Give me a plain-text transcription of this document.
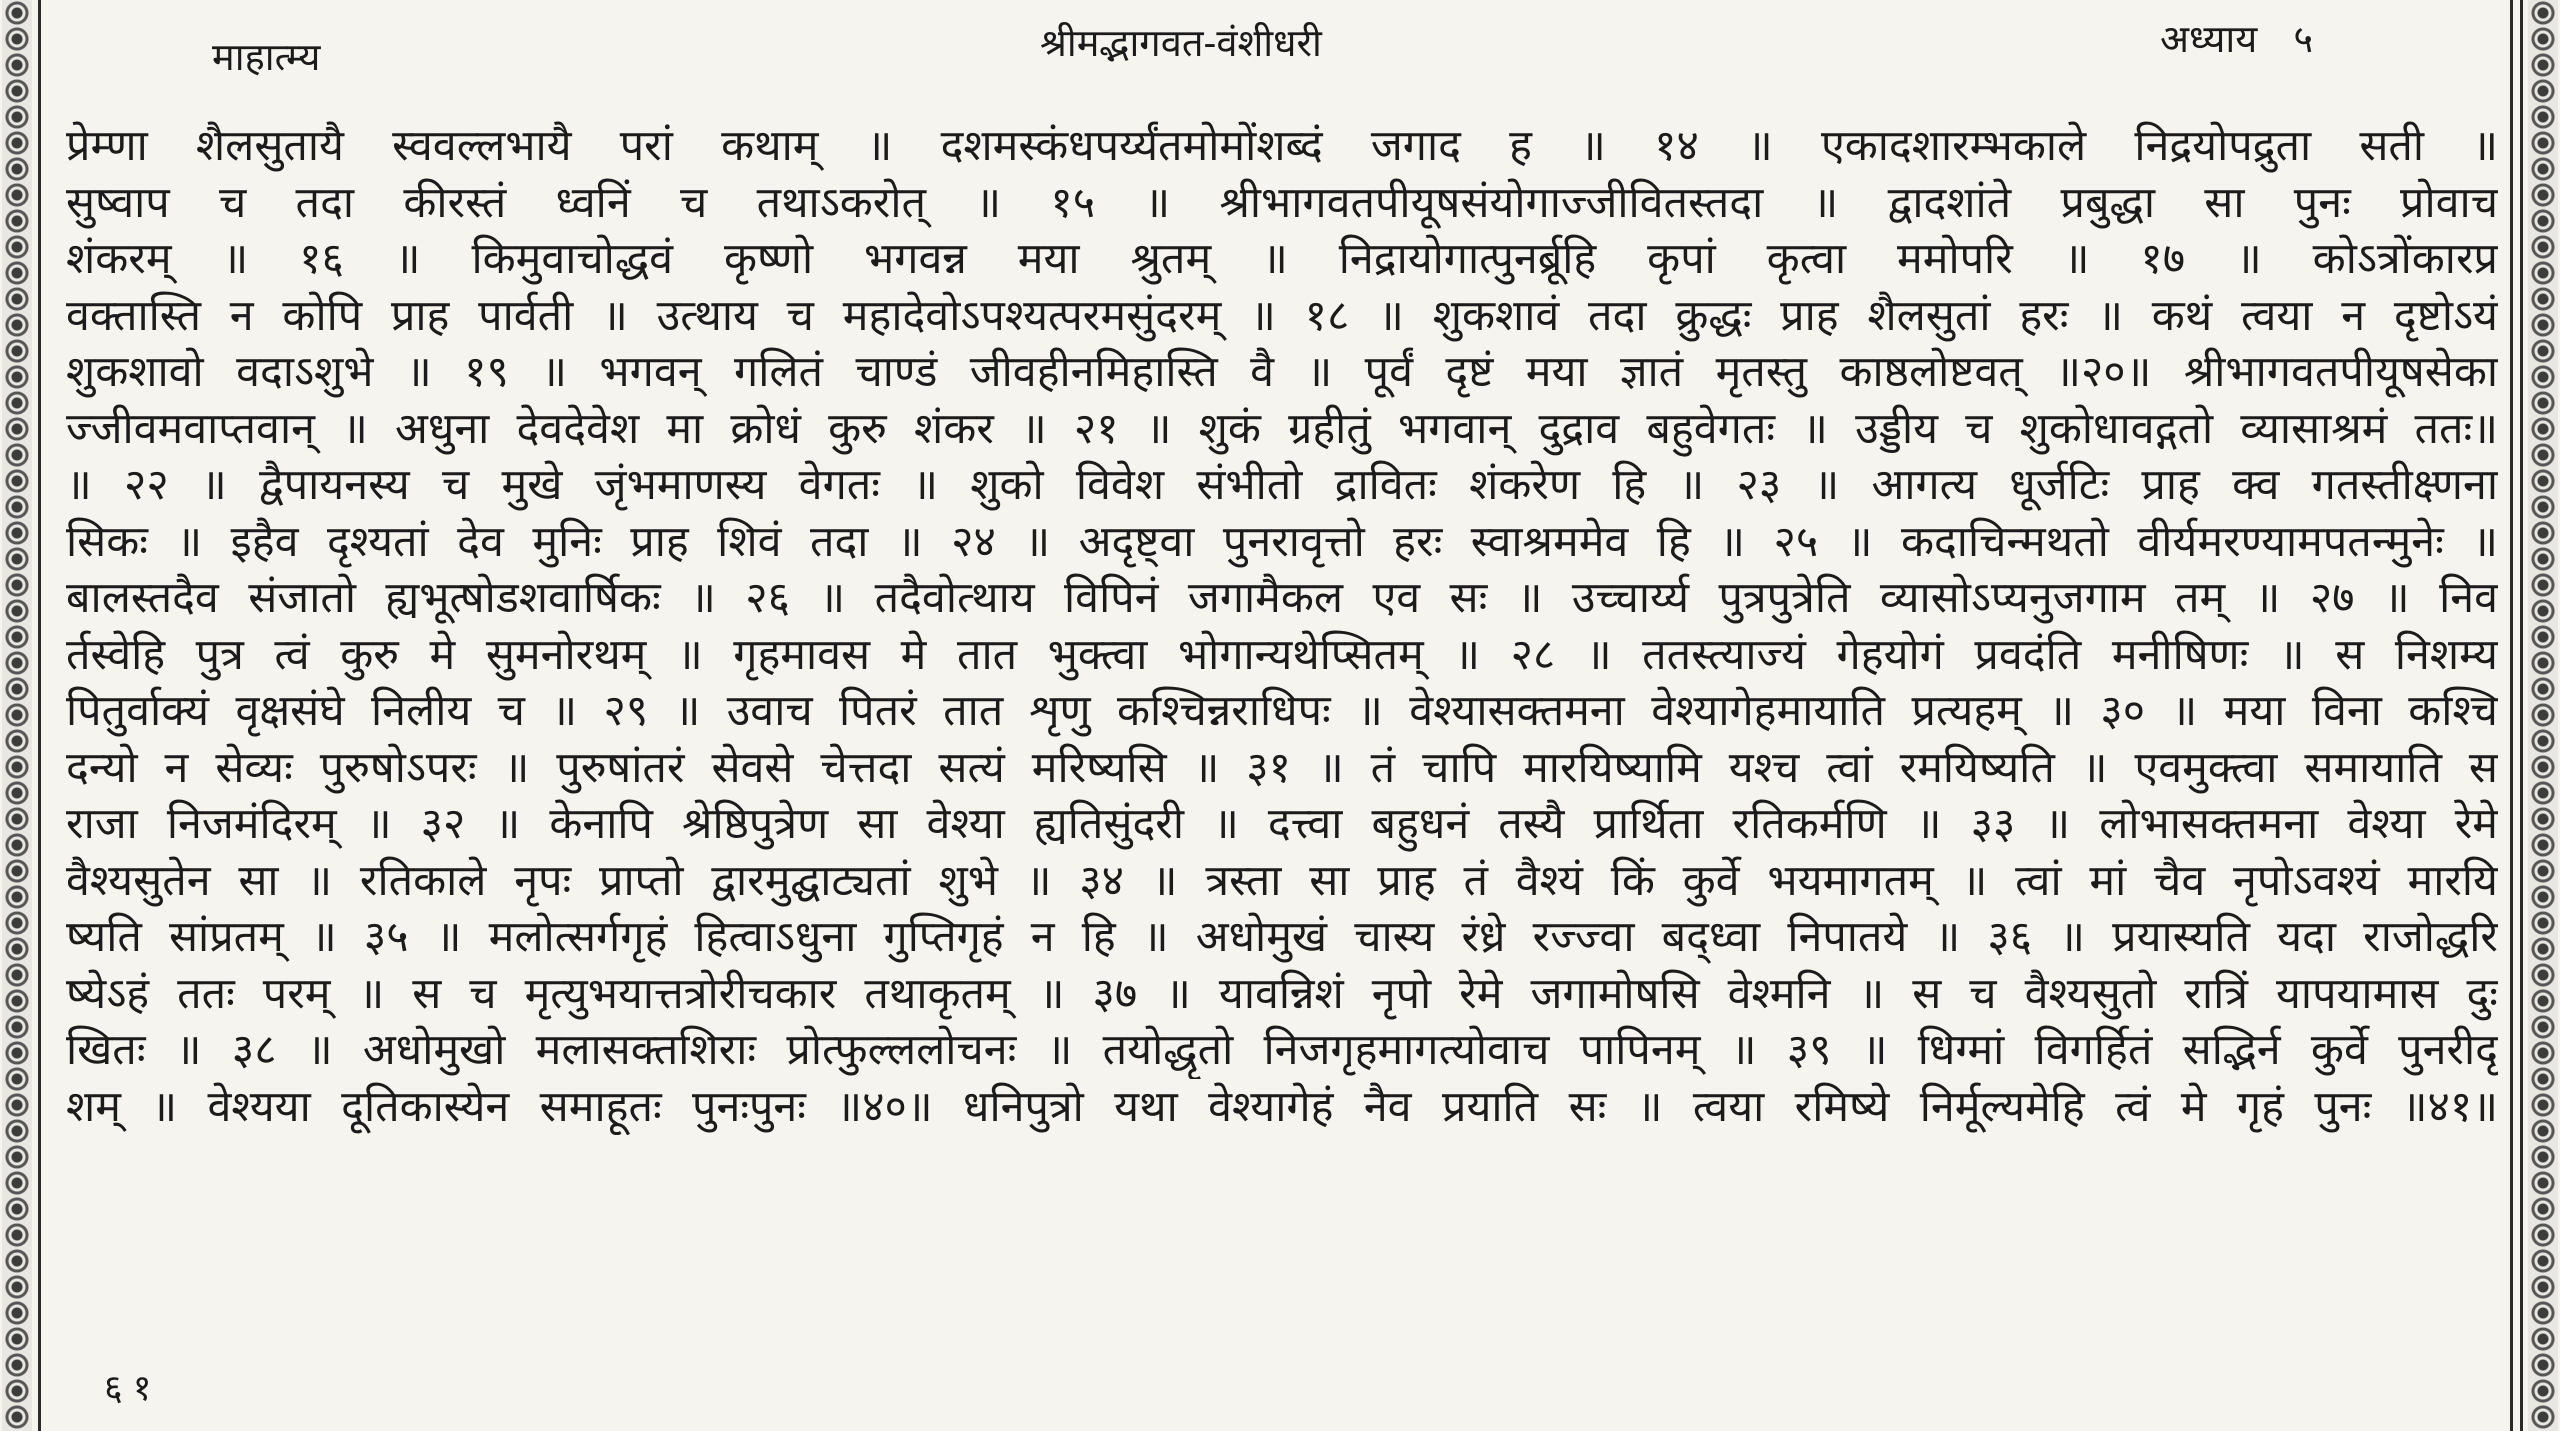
माहात्म्य	श्रीमद्भागवत-वंशीधरी	अध्याय ५
प्रेम्णा शैलसुतायै स्ववल्लभायै परां कथाम् ॥ दशमस्कंधपर्य्यंतमोमोंशब्दं जगाद ह ॥ १४ ॥ एकादशारम्भकाले निद्रयोपद्रुता सती ॥
सुष्वाप च तदा कीरस्तं ध्वनिं च तथाऽकरोत् ॥ १५ ॥ श्रीभागवतपीयूषसंयोगाज्जीवितस्तदा ॥ द्वादशांते प्रबुद्धा सा पुनः प्रोवाच
शंकरम् ॥ १६ ॥ किमुवाचोद्धवं कृष्णो भगवन्न मया श्रुतम् ॥ निद्रायोगात्पुनर्ब्रूहि कृपां कृत्वा ममोपरि ॥ १७ ॥ कोऽत्रोंकारप्र
वक्तास्ति न कोपि प्राह पार्वती ॥ उत्थाय च महादेवोऽपश्यत्परमसुंदरम् ॥ १८ ॥ शुकशावं तदा क्रुद्धः प्राह शैलसुतां हरः ॥ कथं त्वया न दृष्टोऽयं
शुकशावो वदाऽशुभे ॥ १९ ॥ भगवन् गलितं चाण्डं जीवहीनमिहास्ति वै ॥ पूर्वं दृष्टं मया ज्ञातं मृतस्तु काष्ठलोष्टवत् ॥२०॥ श्रीभागवतपीयूषसेका
ज्जीवमवाप्तवान् ॥ अधुना देवदेवेश मा क्रोधं कुरु शंकर ॥ २१ ॥ शुकं ग्रहीतुं भगवान् दुद्राव बहुवेगतः ॥ उड्डीय च शुकोधावद्गतो व्यासाश्रमं ततः॥
॥ २२ ॥ द्वैपायनस्य च मुखे जृंभमाणस्य वेगतः ॥ शुको विवेश संभीतो द्रावितः शंकरेण हि ॥ २३ ॥ आगत्य धूर्जटिः प्राह क्व गतस्तीक्ष्णना
सिकः ॥ इहैव दृश्यतां देव मुनिः प्राह शिवं तदा ॥ २४ ॥ अदृष्ट्वा पुनरावृत्तो हरः स्वाश्रममेव हि ॥ २५ ॥ कदाचिन्मथतो वीर्यमरण्यामपतन्मुनेः ॥
बालस्तदैव संजातो ह्यभूत्षोडशवार्षिकः ॥ २६ ॥ तदैवोत्थाय विपिनं जगामैकल एव सः ॥ उच्चार्य्य पुत्रपुत्रेति व्यासोऽप्यनुजगाम तम् ॥ २७ ॥ निव
र्तस्वेहि पुत्र त्वं कुरु मे सुमनोरथम् ॥ गृहमावस मे तात भुक्त्वा भोगान्यथेप्सितम् ॥ २८ ॥ ततस्त्याज्यं गेहयोगं प्रवदंति मनीषिणः ॥ स निशम्य
पितुर्वाक्यं वृक्षसंघे निलीय च ॥ २९ ॥ उवाच पितरं तात शृणु कश्चिन्नराधिपः ॥ वेश्यासक्तमना वेश्यागेहमायाति प्रत्यहम् ॥ ३० ॥ मया विना कश्चि
दन्यो न सेव्यः पुरुषोऽपरः ॥ पुरुषांतरं सेवसे चेत्तदा सत्यं मरिष्यसि ॥ ३१ ॥ तं चापि मारयिष्यामि यश्च त्वां रमयिष्यति ॥ एवमुक्त्वा समायाति स
राजा निजमंदिरम् ॥ ३२ ॥ केनापि श्रेष्ठिपुत्रेण सा वेश्या ह्यतिसुंदरी ॥ दत्त्वा बहुधनं तस्यै प्रार्थिता रतिकर्मणि ॥ ३३ ॥ लोभासक्तमना वेश्या रेमे
वैश्यसुतेन सा ॥ रतिकाले नृपः प्राप्तो द्वारमुद्घाट्यतां शुभे ॥ ३४ ॥ त्रस्ता सा प्राह तं वैश्यं किं कुर्वे भयमागतम् ॥ त्वां मां चैव नृपोऽवश्यं मारयि
ष्यति सांप्रतम् ॥ ३५ ॥ मलोत्सर्गगृहं हित्वाऽधुना गुप्तिगृहं न हि ॥ अधोमुखं चास्य रंध्रे रज्ज्वा बद्ध्वा निपातये ॥ ३६ ॥ प्रयास्यति यदा राजोद्धरि
ष्येऽहं ततः परम् ॥ स च मृत्युभयात्तत्रोरीचकार तथाकृतम् ॥ ३७ ॥ यावन्निशं नृपो रेमे जगामोषसि वेश्मनि ॥ स च वैश्यसुतो रात्रिं यापयामास दुः
खितः ॥ ३८ ॥ अधोमुखो मलासक्तशिराः प्रोत्फुल्ललोचनः ॥ तयोद्धृतो निजगृहमागत्योवाच पापिनम् ॥ ३९ ॥ धिग्मां विगर्हितं सद्भिर्न कुर्वे पुनरीदृ
शम् ॥ वेश्यया दूतिकास्येन समाहूतः पुनःपुनः ॥४०॥ धनिपुत्रो यथा वेश्यागेहं नैव प्रयाति सः ॥ त्वया रमिष्ये निर्मूल्यमेहि त्वं मे गृहं पुनः ॥४१॥
६१
